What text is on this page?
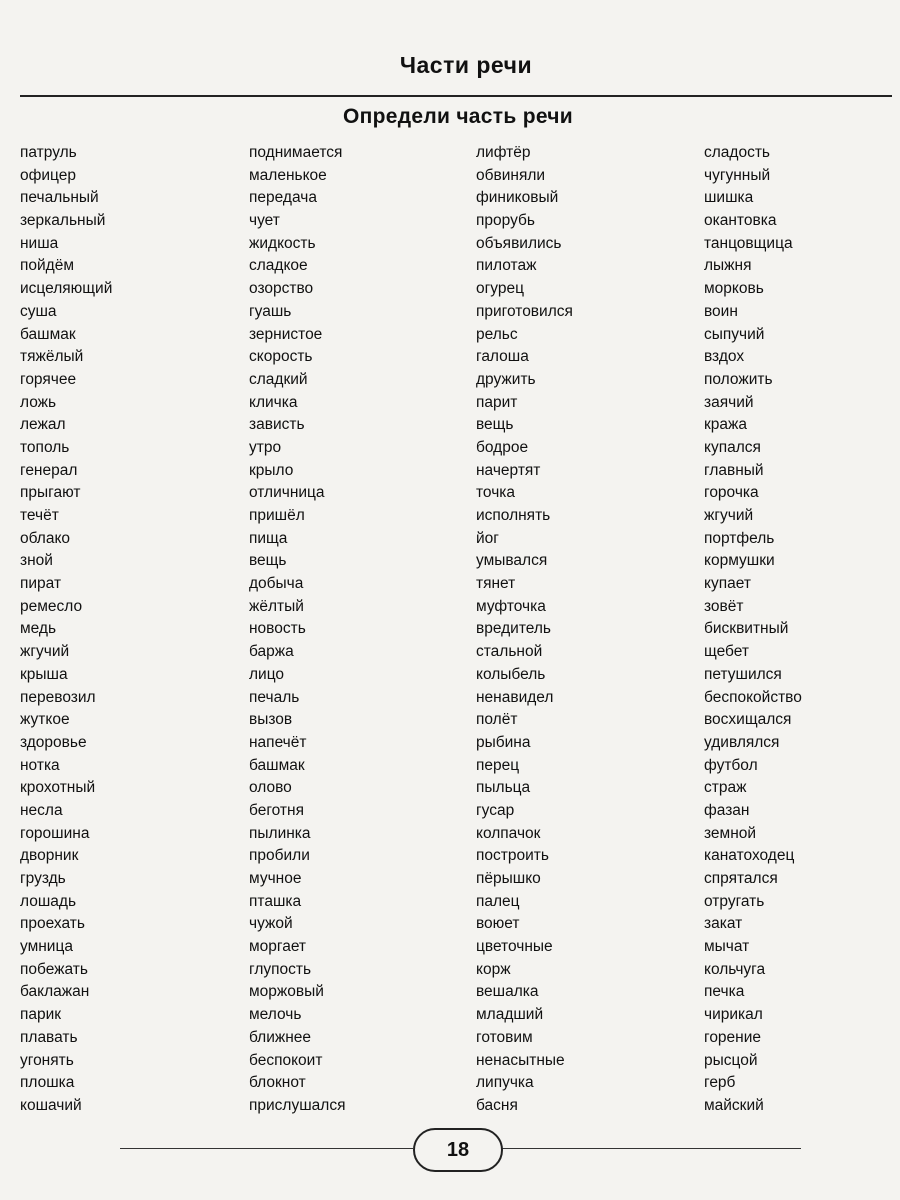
Части речи
Определи часть речи
патруль
офицер
печальный
зеркальный
ниша
пойдём
исцеляющий
суша
башмак
тяжёлый
горячее
ложь
лежал
тополь
генерал
прыгают
течёт
облако
зной
пират
ремесло
медь
жгучий
крыша
перевозил
жуткое
здоровье
нотка
крохотный
несла
горошина
дворник
груздь
лошадь
проехать
умница
побежать
баклажан
парик
плавать
угонять
плошка
кошачий
поднимается
маленькое
передача
чует
жидкость
сладкое
озорство
гуашь
зернистое
скорость
сладкий
кличка
зависть
утро
крыло
отличница
пришёл
пища
вещь
добыча
жёлтый
новость
баржа
лицо
печаль
вызов
напечёт
башмак
олово
беготня
пылинка
пробили
мучное
пташка
чужой
моргает
глупость
моржовый
мелочь
ближнее
беспокоит
блокнот
прислушался
лифтёр
обвиняли
финиковый
прорубь
объявились
пилотаж
огурец
приготовился
рельс
галоша
дружить
парит
вещь
бодрое
начертят
точка
исполнять
йог
умывался
тянет
муфточка
вредитель
стальной
колыбель
ненавидел
полёт
рыбина
перец
пыльца
гусар
колпачок
построить
пёрышко
палец
воюет
цветочные
корж
вешалка
младший
готовим
ненасытные
липучка
басня
сладость
чугунный
шишка
окантовка
танцовщица
лыжня
морковь
воин
сыпучий
вздох
положить
заячий
кража
купался
главный
горочка
жгучий
портфель
кормушки
купает
зовёт
бисквитный
щебет
петушился
беспокойство
восхищался
удивлялся
футбол
страж
фазан
земной
канатоходец
спрятался
отругать
закат
мычат
кольчуга
печка
чирикал
горение
рысцой
герб
майский
18
